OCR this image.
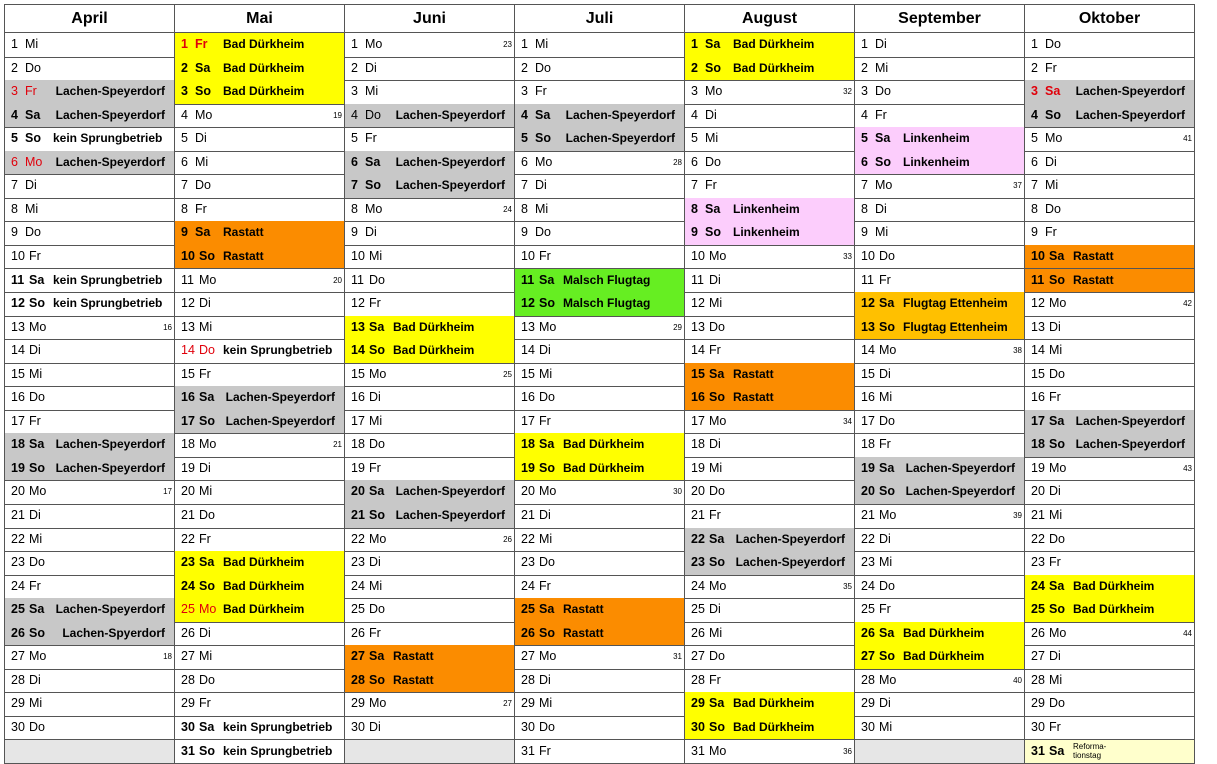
April
1 Mi
2 Do
3 Fr Lachen-Speyerdorf
4 Sa Lachen-Speyerdorf
5 So kein Sprungbetrieb
6 Mo Lachen-Speyerdorf
7 Di
8 Mi
9 Do
10 Fr
11 Sa kein Sprungbetrieb
12 So kein Sprungbetrieb
13 Mo	16
14 Di
15 Mi
16 Do
17 Fr
18 Sa Lachen-Speyerdorf
19 So Lachen-Speyerdorf
20 Mo	17
21 Di
22 Mi
23 Do
24 Fr
25 Sa Lachen-Speyerdorf
26 So Lachen-Spyerdorf
27 Mo	18
28 Di
29 Mi
30 Do
Mai
1 Fr Bad Dürkheim
2 Sa Bad Dürkheim
3 So Bad Dürkheim
4 Mo	19
5 Di
6 Mi
7 Do
8 Fr
9 Sa Rastatt
10 So Rastatt
11 Mo	20
12 Di
13 Mi
14 Do kein Sprungbetrieb
15 Fr
16 Sa Lachen-Speyerdorf
17 So Lachen-Speyerdorf
18 Mo	21
19 Di
20 Mi
21 Do
22 Fr
23 Sa Bad Dürkheim
24 So Bad Dürkheim
25 Mo Bad Dürkheim
26 Di
27 Mi
28 Do
29 Fr
30 Sa kein Sprungbetrieb
31 So kein Sprungbetrieb
Juni
1 Mo	23
2 Di
3 Mi
4 Do Lachen-Speyerdorf
5 Fr
6 Sa Lachen-Speyerdorf
7 So Lachen-Speyerdorf
8 Mo	24
9 Di
10 Mi
11 Do
12 Fr
13 Sa Bad Dürkheim
14 So Bad Dürkheim
15 Mo	25
16 Di
17 Mi
18 Do
19 Fr
20 Sa Lachen-Speyerdorf
21 So Lachen-Speyerdorf
22 Mo	26
23 Di
24 Mi
25 Do
26 Fr
27 Sa Rastatt
28 So Rastatt
29 Mo	27
30 Di
Juli
1 Mi
2 Do
3 Fr
4 Sa Lachen-Speyerdorf
5 So Lachen-Speyerdorf
6 Mo	28
7 Di
8 Mi
9 Do
10 Fr
11 Sa Malsch Flugtag
12 So Malsch Flugtag
13 Mo	29
14 Di
15 Mi
16 Do
17 Fr
18 Sa Bad Dürkheim
19 So Bad Dürkheim
20 Mo	30
21 Di
22 Mi
23 Do
24 Fr
25 Sa Rastatt
26 So Rastatt
27 Mo	31
28 Di
29 Mi
30 Do
31 Fr
August
1 Sa Bad Dürkheim
2 So Bad Dürkheim
3 Mo	32
4 Di
5 Mi
6 Do
7 Fr
8 Sa Linkenheim
9 So Linkenheim
10 Mo	33
11 Di
12 Mi
13 Do
14 Fr
15 Sa Rastatt
16 So Rastatt
17 Mo	34
18 Di
19 Mi
20 Do
21 Fr
22 Sa Lachen-Speyerdorf
23 So Lachen-Speyerdorf
24 Mo	35
25 Di
26 Mi
27 Do
28 Fr
29 Sa Bad Dürkheim
30 So Bad Dürkheim
31 Mo	36
September
1 Di
2 Mi
3 Do
4 Fr
5 Sa Linkenheim
6 So Linkenheim
7 Mo	37
8 Di
9 Mi
10 Do
11 Fr
12 Sa Flugtag Ettenheim
13 So Flugtag Ettenheim
14 Mo	38
15 Di
16 Mi
17 Do
18 Fr
19 Sa Lachen-Speyerdorf
20 So Lachen-Speyerdorf
21 Mo	39
22 Di
23 Mi
24 Do
25 Fr
26 Sa Bad Dürkheim
27 So Bad Dürkheim
28 Mo	40
29 Di
30 Mi
Oktober
1 Do
2 Fr
3 Sa Lachen-Speyerdorf
4 So Lachen-Speyerdorf
5 Mo	41
6 Di
7 Mi
8 Do
9 Fr
10 Sa Rastatt
11 So Rastatt
12 Mo	42
13 Di
14 Mi
15 Do
16 Fr
17 Sa Lachen-Speyerdorf
18 So Lachen-Speyerdorf
19 Mo	43
20 Di
21 Mi
22 Do
23 Fr
24 Sa Bad Dürkheim
25 So Bad Dürkheim
26 Mo	44
27 Di
28 Mi
29 Do
30 Fr
31 Sa Reforma-tionstag
